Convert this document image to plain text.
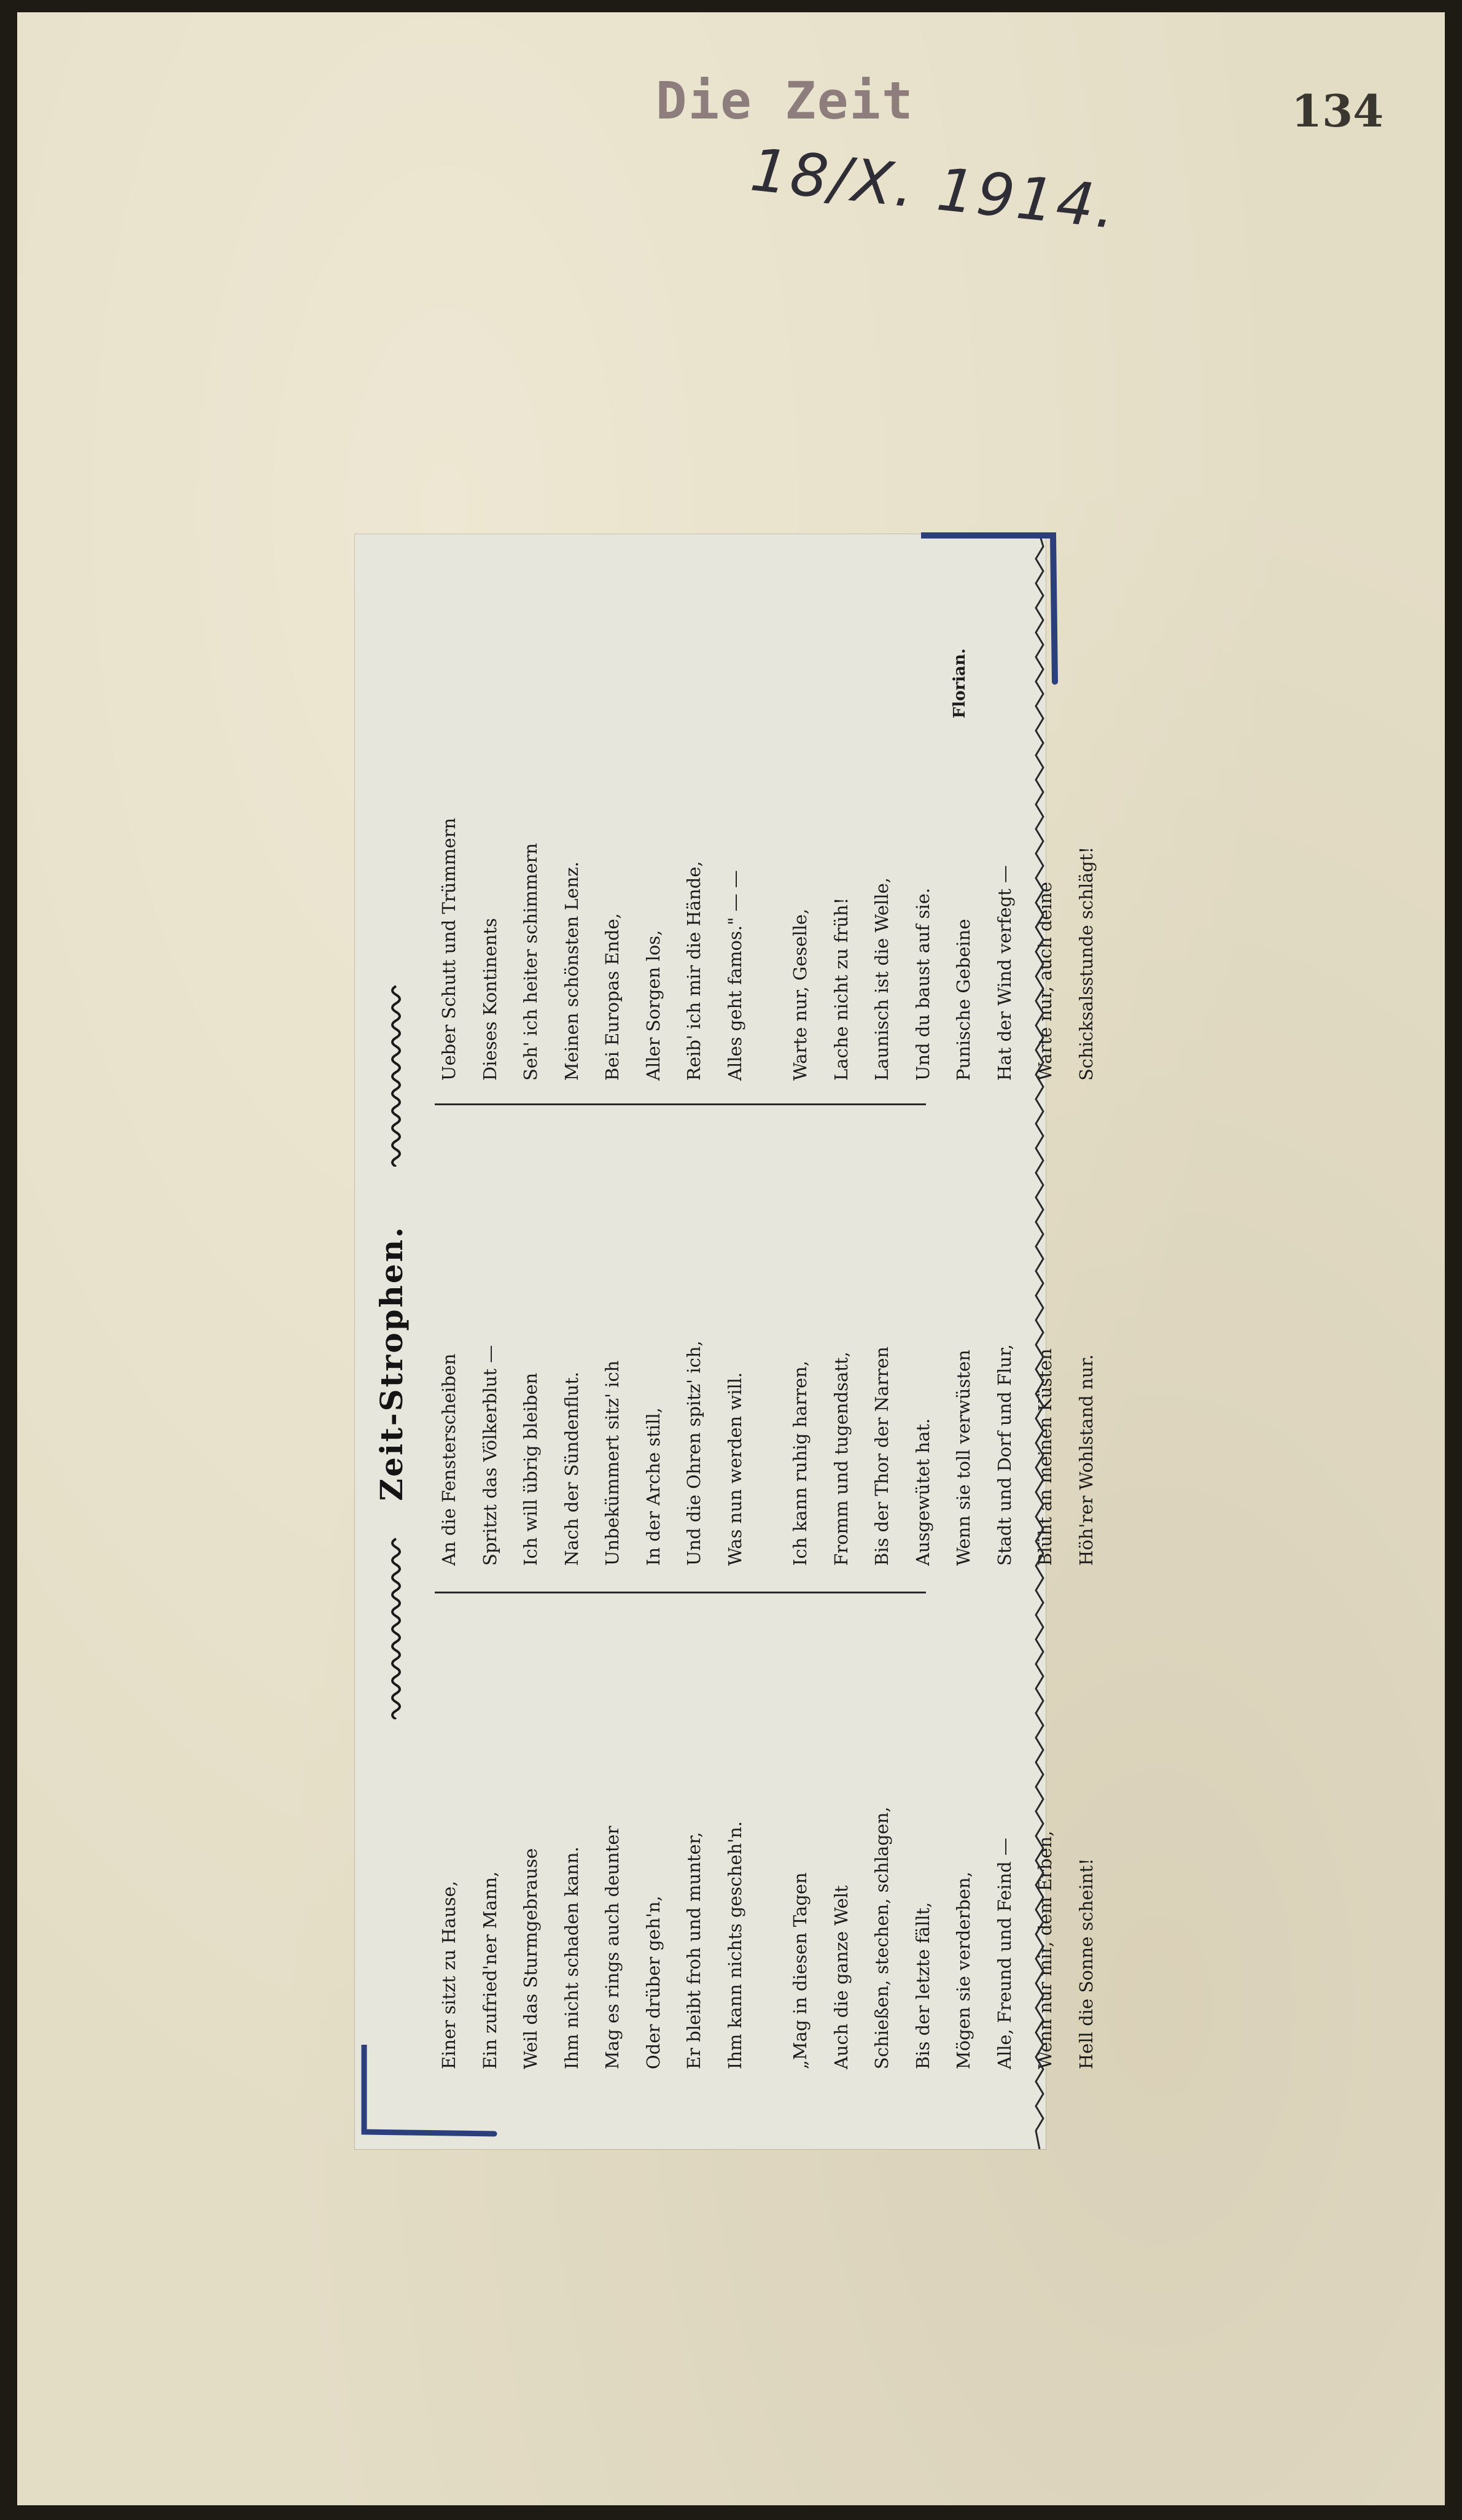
Die Zeit	134
18/X. 1914.
Zeit-Strophen.
Einer sitzt zu Hause,	Ein zufried'ner Mann,	Weil das Sturmgebrause	Ihm nicht schaden kann.	Mag es rings auch deunter	Oder drüber geh'n,	Er bleibt froh und munter,	Ihm kann nichts gescheh'n.	„Mag in diesen Tagen	Auch die ganze Welt	Schießen, stechen, schlagen,	Bis der letzte fällt,	Mögen sie verderben,	Alle, Freund und Feind —	Wenn nur mir, dem Erben,	Hell die Sonne scheint!
An die Fensterscheiben	Spritzt das Völkerblut —	Ich will übrig bleiben	Nach der Sündenflut.	Unbekümmert sitz' ich	In der Arche still,	Und die Ohren spitz' ich,	Was nun werden will.	Ich kann ruhig harren,	Fromm und tugendsatt,	Bis der Thor der Narren	Ausgewütet hat.	Wenn sie toll verwüsten	Stadt und Dorf und Flur,	Blüht an meinen Küsten	Höh'rer Wohlstand nur.
Ueber Schutt und Trümmern	Dieses Kontinents	Seh' ich heiter schimmern	Meinen schönsten Lenz.	Bei Europas Ende,	Aller Sorgen los,	Reib' ich mir die Hände,	Alles geht famos." — —	Warte nur, Geselle,	Lache nicht zu früh!	Launisch ist die Welle,	Und du baust auf sie.	Punische Gebeine	Hat der Wind verfegt —	Warte nur, auch deine	Schicksalsstunde schlägt!
Florian.
